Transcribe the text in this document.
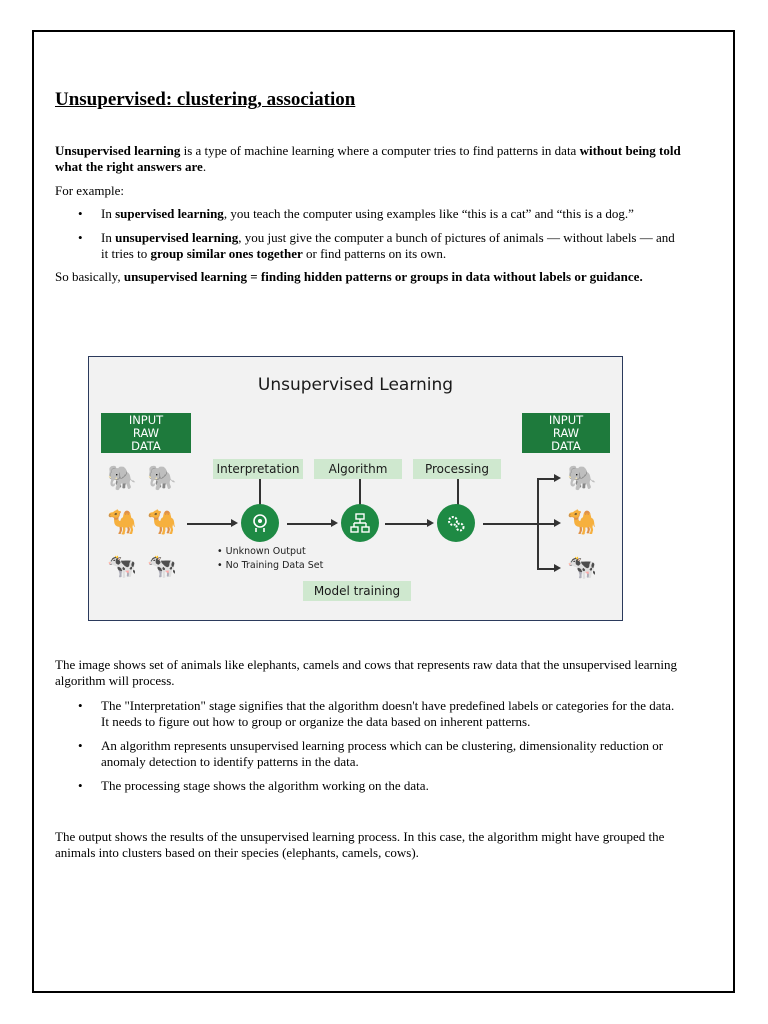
Unsupervised: clustering, association

Unsupervised learning is a type of machine learning where a computer tries to find patterns in data without being told what the right answers are.

For example:

• In supervised learning, you teach the computer using examples like “this is a cat” and “this is a dog.”
• In unsupervised learning, you just give the computer a bunch of pictures of animals — without labels — and it tries to group similar ones together or find patterns on its own.

So basically, unsupervised learning = finding hidden patterns or groups in data without labels or guidance.

Unsupervised Learning
INPUT RAW DATA
INPUT RAW DATA
🐘 🐘
🐪 🐪
🐄 🐄
Interpretation	Algorithm	Processing	🐘
🐪
🐄
• Unknown Output
• No Training Data Set
Model training

The image shows set of animals like elephants, camels and cows that represents raw data that the unsupervised learning algorithm will process.

• The "Interpretation" stage signifies that the algorithm doesn't have predefined labels or categories for the data. It needs to figure out how to group or organize the data based on inherent patterns.
• An algorithm represents unsupervised learning process which can be clustering, dimensionality reduction or anomaly detection to identify patterns in the data.
• The processing stage shows the algorithm working on the data.

The output shows the results of the unsupervised learning process. In this case, the algorithm might have grouped the animals into clusters based on their species (elephants, camels, cows).
